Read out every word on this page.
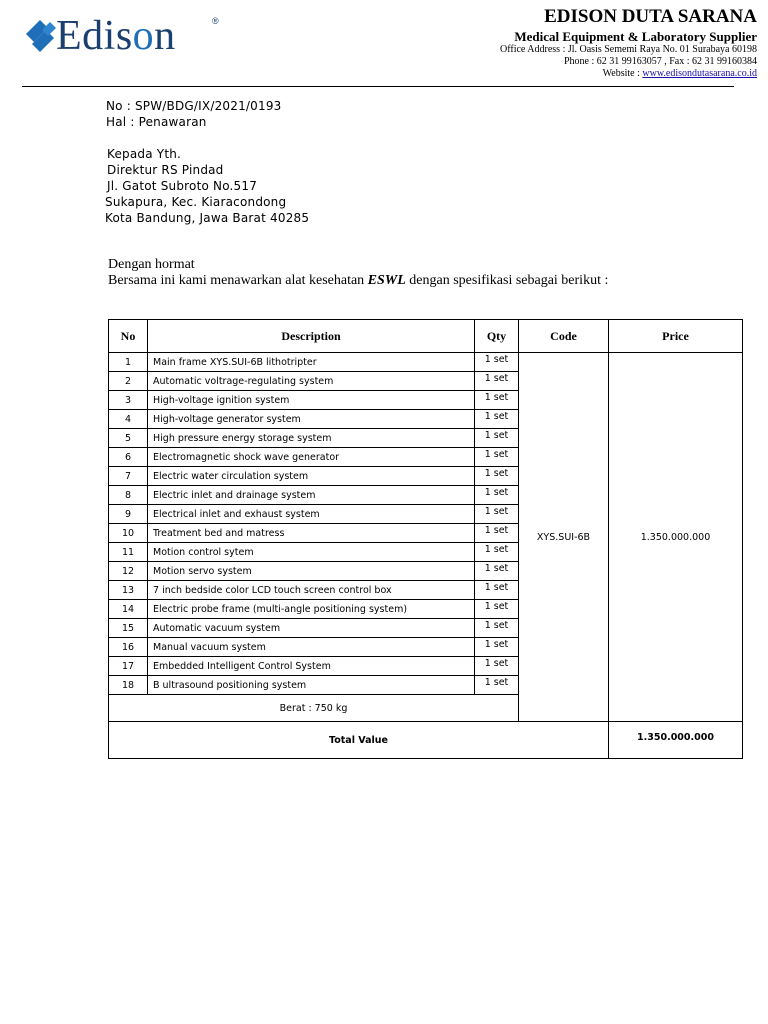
Edison	®	EDISON DUTA SARANA
Medical Equipment & Laboratory Supplier
Office Address : Jl. Oasis Sememi Raya No. 01 Surabaya 60198
Phone : 62 31 99163057 , Fax : 62 31 99160384
Website : www.edisondutasarana.co.id
No : SPW/BDG/IX/2021/0193
Hal : Penawaran
Kepada Yth.
Direktur RS Pindad
Jl. Gatot Subroto No.517
Sukapura, Kec. Kiaracondong
Kota Bandung, Jawa Barat 40285
Dengan hormat
Bersama ini kami menawarkan alat kesehatan ESWL dengan spesifikasi sebagai berikut :
No	Description	Qty	Code	Price
1	Main frame XYS.SUI-6B lithotripter	1 set	XYS.SUI-6B	1.350.000.000
2	Automatic voltrage-regulating system	1 set		
3	High-voltage ignition system	1 set		
4	High-voltage generator system	1 set		
5	High pressure energy storage system	1 set		
6	Electromagnetic shock wave generator	1 set		
7	Electric water circulation system	1 set		
8	Electric inlet and drainage system	1 set		
9	Electrical inlet and exhaust system	1 set		
10	Treatment bed and matress	1 set		
11	Motion control sytem	1 set		
12	Motion servo system	1 set		
13	7 inch bedside color LCD touch screen control box	1 set		
14	Electric probe frame (multi-angle positioning system)	1 set		
15	Automatic vacuum system	1 set		
16	Manual vacuum system	1 set		
17	Embedded Intelligent Control System	1 set		
18	B ultrasound positioning system	1 set		
Berat : 750 kg				
Total Value				1.350.000.000
